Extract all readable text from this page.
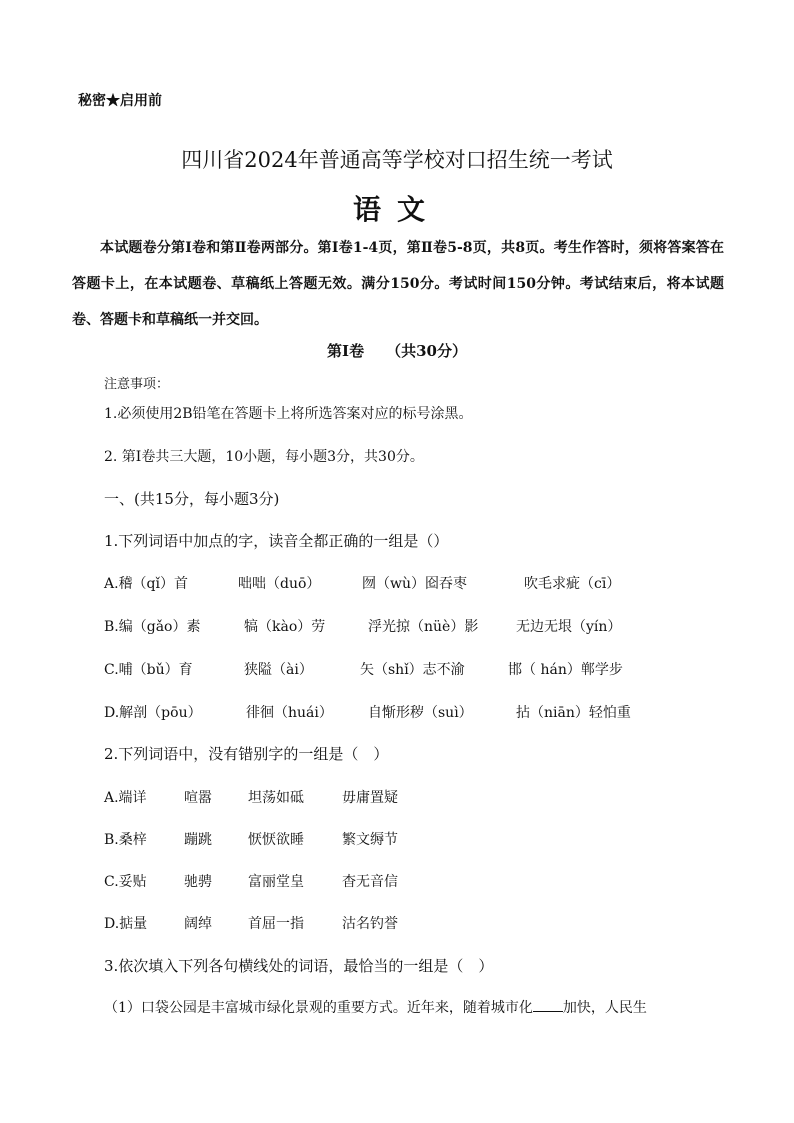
秘密★启用前
四川省2024年普通高等学校对口招生统一考试
语文
本试题卷分第Ⅰ卷和第Ⅱ卷两部分。第Ⅰ卷1-4页，第Ⅱ卷5-8页，共8页。考生作答时，须将答案答在答题卡上，在本试题卷、草稿纸上答题无效。满分150分。考试时间150分钟。考试结束后，将本试题卷、答题卡和草稿纸一并交回。
第Ⅰ卷 （共30分）
注意事项：
1.必须使用2B铅笔在答题卡上将所选答案对应的标号涂黑。
2. 第Ⅰ卷共三大题，10小题，每小题3分，共30分。
一、(共15分，每小题3分)
1.下列词语中加点的字，读音全都正确的一组是（）
A.稽（qǐ）首	咄咄（duō）	囫（wù）囵吞枣	吹毛求疵（cī）
B.编（gǎo）素	犒（kào）劳	浮光掠（nüè）影	无边无垠（yín）
C.哺（bǔ）育	狭隘（ài）	矢（shǐ）志不渝	邯（ hán）郸学步
D.解剖（pōu）	徘徊（huái）	自惭形秽（suì）	拈（niān）轻怕重
2.下列词语中，没有错别字的一组是（　）
A.端详	喧嚣	坦荡如砥	毋庸置疑
B.桑梓	蹦跳	恹恹欲睡	繁文缛节
C.妥贴	驰骋	富丽堂皇	杳无音信
D.掂量	阔绰	首屈一指	沽名钓誉
3.依次填入下列各句横线处的词语，最恰当的一组是（　）
（1）口袋公园是丰富城市绿化景观的重要方式。近年来，随着城市化 加快，人民生
